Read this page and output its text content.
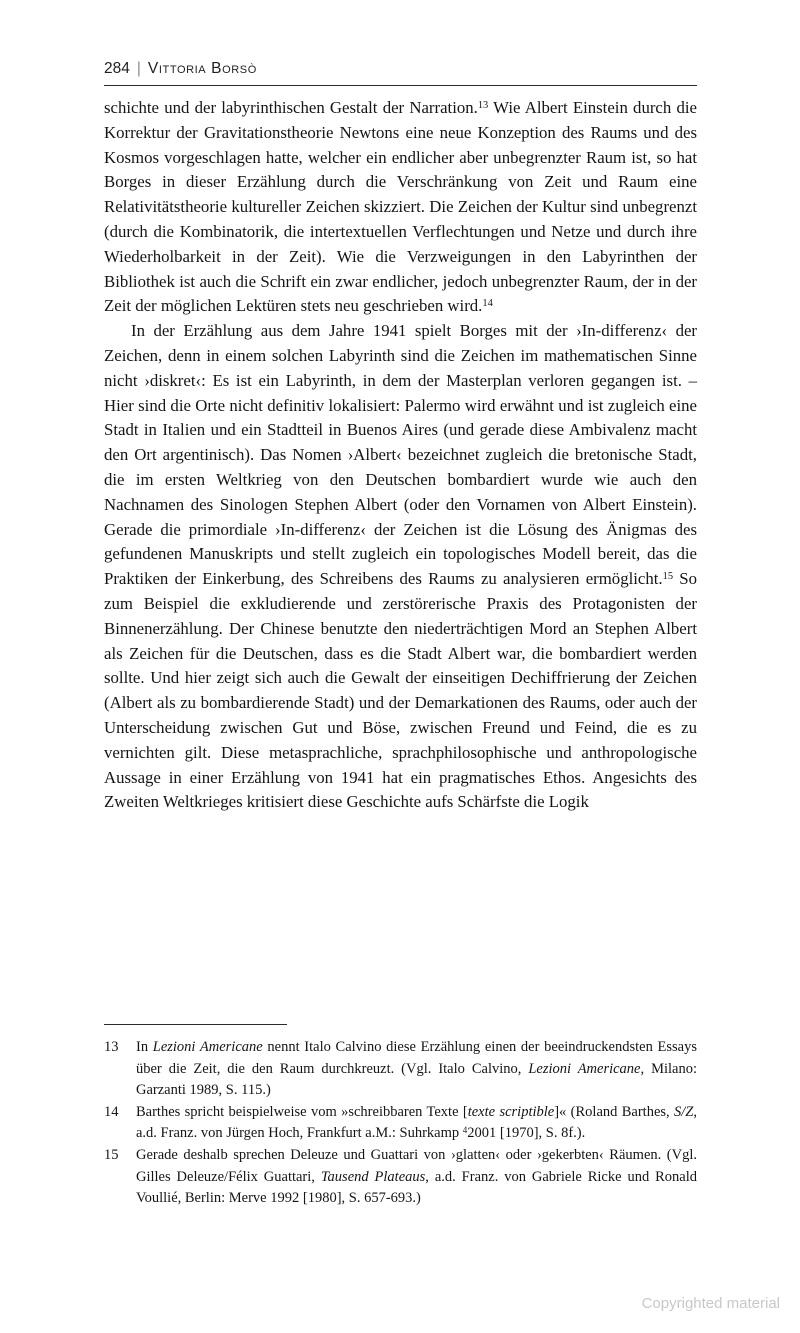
284 | Vittoria Borsò

schichte und der labyrinthischen Gestalt der Narration.$^{13}$ Wie Albert Einstein durch die Korrektur der Gravitationstheorie Newtons eine neue Konzeption des Raums und des Kosmos vorgeschlagen hatte, welcher ein endlicher aber unbegrenzter Raum ist, so hat Borges in dieser Erzählung durch die Verschränkung von Zeit und Raum eine Relativitätstheorie kultureller Zeichen skizziert. Die Zeichen der Kultur sind unbegrenzt (durch die Kombinatorik, die intertextuellen Verflechtungen und Netze und durch ihre Wiederholbarkeit in der Zeit). Wie die Verzweigungen in den Labyrinthen der Bibliothek ist auch die Schrift ein zwar endlicher, jedoch unbegrenzter Raum, der in der Zeit der möglichen Lektüren stets neu geschrieben wird.$^{14}$

In der Erzählung aus dem Jahre 1941 spielt Borges mit der ›In-differenz‹ der Zeichen, denn in einem solchen Labyrinth sind die Zeichen im mathematischen Sinne nicht ›diskret‹: Es ist ein Labyrinth, in dem der Masterplan verloren gegangen ist. – Hier sind die Orte nicht definitiv lokalisiert: Palermo wird erwähnt und ist zugleich eine Stadt in Italien und ein Stadtteil in Buenos Aires (und gerade diese Ambivalenz macht den Ort argentinisch). Das Nomen ›Albert‹ bezeichnet zugleich die bretonische Stadt, die im ersten Weltkrieg von den Deutschen bombardiert wurde wie auch den Nachnamen des Sinologen Stephen Albert (oder den Vornamen von Albert Einstein). Gerade die primordiale ›In-differenz‹ der Zeichen ist die Lösung des Änigmas des gefundenen Manuskripts und stellt zugleich ein topologisches Modell bereit, das die Praktiken der Einkerbung, des Schreibens des Raums zu analysieren ermöglicht.$^{15}$ So zum Beispiel die exkludierende und zerstörerische Praxis des Protagonisten der Binnenerzählung. Der Chinese benutzte den niederträchtigen Mord an Stephen Albert als Zeichen für die Deutschen, dass es die Stadt Albert war, die bombardiert werden sollte. Und hier zeigt sich auch die Gewalt der einseitigen Dechiffrierung der Zeichen (Albert als zu bombardierende Stadt) und der Demarkationen des Raums, oder auch der Unterscheidung zwischen Gut und Böse, zwischen Freund und Feind, die es zu vernichten gilt. Diese metasprachliche, sprachphilosophische und anthropologische Aussage in einer Erzählung von 1941 hat ein pragmatisches Ethos. Angesichts des Zweiten Weltkrieges kritisiert diese Geschichte aufs Schärfste die Logik

13 In Lezioni Americane nennt Italo Calvino diese Erzählung einen der beeindruckendsten Essays über die Zeit, die den Raum durchkreuzt. (Vgl. Italo Calvino, Lezioni Americane, Milano: Garzanti 1989, S. 115.)
14 Barthes spricht beispielweise vom »schreibbaren Texte [texte scriptible]« (Roland Barthes, S/Z, a.d. Franz. von Jürgen Hoch, Frankfurt a.M.: Suhrkamp $^4$2001 [1970], S. 8f.).
15 Gerade deshalb sprechen Deleuze und Guattari von ›glatten‹ oder ›gekerbten‹ Räumen. (Vgl. Gilles Deleuze/Félix Guattari, Tausend Plateaus, a.d. Franz. von Gabriele Ricke und Ronald Voullié, Berlin: Merve 1992 [1980], S. 657-693.)
Copyrighted material
